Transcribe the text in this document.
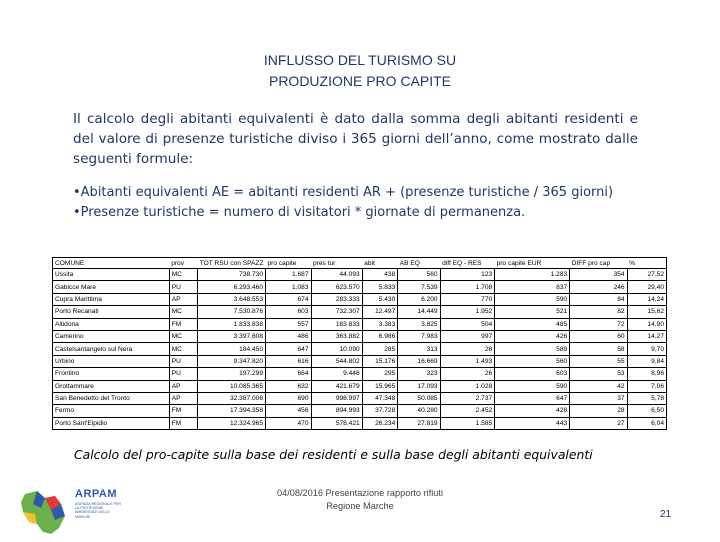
INFLUSSO DEL TURISMO SU
PRODUZIONE PRO CAPITE
Il calcolo degli abitanti equivalenti è dato dalla somma degli abitanti residenti e del valore di presenze turistiche diviso i 365 giorni dell’anno, come mostrato dalle seguenti formule:
•Abitanti equivalenti AE = abitanti residenti AR + (presenze turistiche / 365 giorni)
•Presenze turistiche = numero di visitatori * giornate di permanenza.
COMUNE	prov	TOT RSU con SPAZZ	pro capite	pres tur	abit	AB EQ	diff EQ - RES	pro capite EUR	DIFF pro cap	%
Ussita	MC	738.730	1.687	44.093	438	560	123	1.283	354	27,52
Gabicce Mare	PU	6.293.460	1.083	623.570	5.833	7.539	1.708	837	246	29,40
Cupra Marittima	AP	3.648.553	674	283.333	5.430	6.200	770	590	84	14,24
Porto Recanati	MC	7.530.876	603	732.307	12.497	14.449	1.952	521	82	15,62
Altidona	FM	1.833.838	557	183.833	3.383	3.825	504	485	72	14,90
Camerino	MC	3.397.608	486	363.882	6.986	7.983	997	426	60	14,27
Castelsantangelo sul Nera	MC	184.450	647	10.090	285	313	28	589	58	9,70
Urbino	PU	9.347.820	616	544.802	15.176	16.669	1.493	560	55	9,84
Frontino	PU	197.299	664	9.446	295	323	26	603	53	8,96
Grottammare	AP	10.085.365	632	421.679	15.965	17.093	1.028	590	42	7,06
San Benedetto del Tronto	AP	32.387.006	690	998.997	47.348	50.085	2.737	647	37	5,78
Fermo	FM	17.394.358	456	894.993	37.728	40.280	2.452	428	28	6,50
Porto Sant'Elpidio	FM	12.324.965	470	578.421	26.234	27.819	1.585	443	27	6,04
Calcolo del pro-capite sulla base dei residenti e sulla base degli abitanti equivalenti
04/08/2016 Presentazione rapporto rifiuti
Regione Marche
21
ARPAM
AGENZIA REGIONALE PER LA PROTEZIONE AMBIENTALE DELLE MARCHE
